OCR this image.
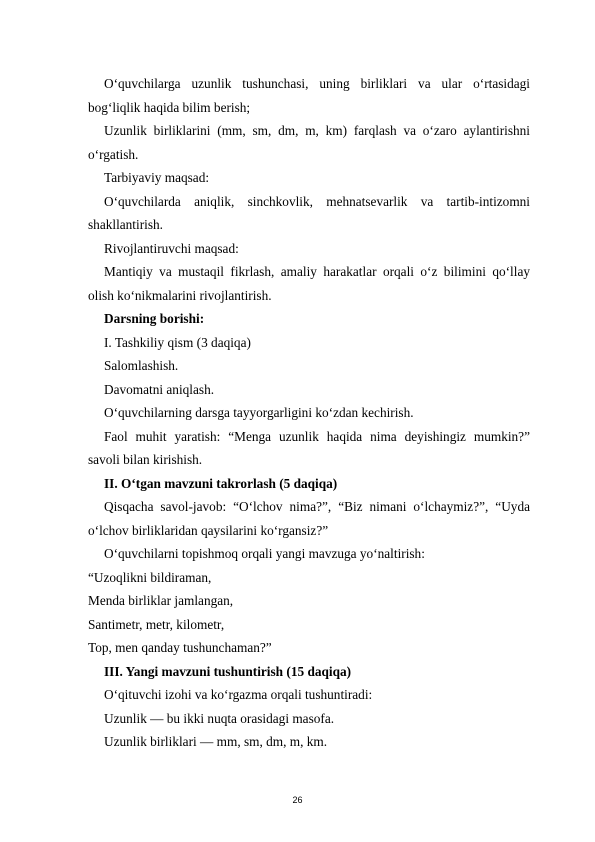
O‘quvchilarga uzunlik tushunchasi, uning birliklari va ular o‘rtasidagi
bog‘liqlik haqida bilim berish;
Uzunlik birliklarini (mm, sm, dm, m, km) farqlash va o‘zaro aylantirishni
o‘rgatish.
Tarbiyaviy maqsad:
O‘quvchilarda aniqlik, sinchkovlik, mehnatsevarlik va tartib-intizomni
shakllantirish.
Rivojlantiruvchi maqsad:
Mantiqiy va mustaqil fikrlash, amaliy harakatlar orqali o‘z bilimini qo‘llay
olish ko‘nikmalarini rivojlantirish.
Darsning borishi:
I. Tashkiliy qism (3 daqiqa)
Salomlashish.
Davomatni aniqlash.
O‘quvchilarning darsga tayyorgarligini ko‘zdan kechirish.
Faol muhit yaratish: “Menga uzunlik haqida nima deyishingiz mumkin?”
savoli bilan kirishish.
II. O‘tgan mavzuni takrorlash (5 daqiqa)
Qisqacha savol-javob: “O‘lchov nima?”, “Biz nimani o‘lchaymiz?”, “Uyda
o‘lchov birliklaridan qaysilarini ko‘rgansiz?”
O‘quvchilarni topishmoq orqali yangi mavzuga yo‘naltirish:
“Uzoqlikni bildiraman,
Menda birliklar jamlangan,
Santimetr, metr, kilometr,
Top, men qanday tushunchaman?”
III. Yangi mavzuni tushuntirish (15 daqiqa)
O‘qituvchi izohi va ko‘rgazma orqali tushuntiradi:
Uzunlik — bu ikki nuqta orasidagi masofa.
Uzunlik birliklari — mm, sm, dm, m, km.
26
